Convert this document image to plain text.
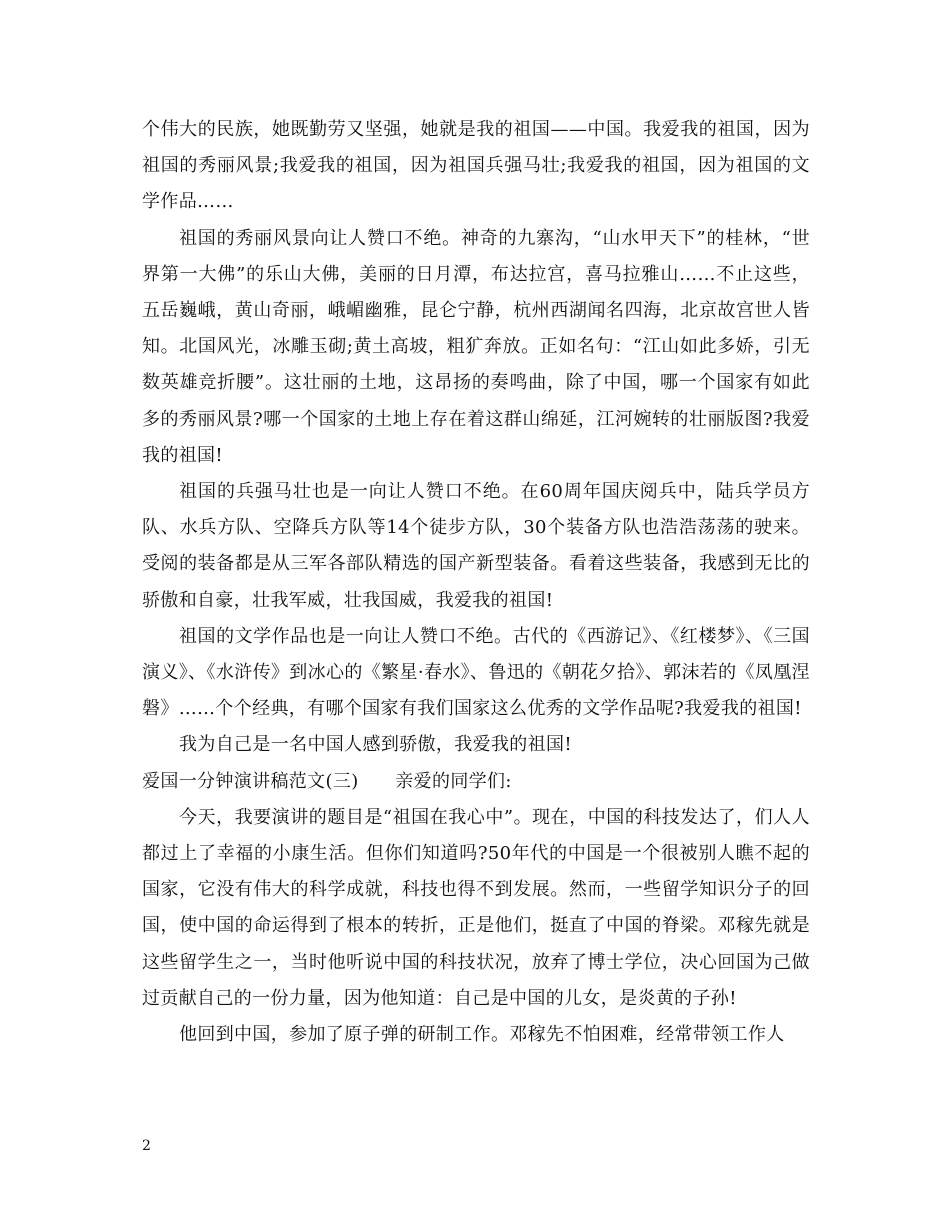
个伟大的民族，她既勤劳又坚强，她就是我的祖国——中国。我爱我的祖国，因为祖国的秀丽风景;我爱我的祖国，因为祖国兵强马壮;我爱我的祖国，因为祖国的文学作品……

祖国的秀丽风景向让人赞口不绝。神奇的九寨沟，“山水甲天下”的桂林，“世界第一大佛”的乐山大佛，美丽的日月潭，布达拉宫，喜马拉雅山……不止这些，五岳巍峨，黄山奇丽，峨嵋幽雅，昆仑宁静，杭州西湖闻名四海，北京故宫世人皆知。北国风光，冰雕玉砌;黄土高坡，粗犷奔放。正如名句：“江山如此多娇，引无数英雄竞折腰”。这壮丽的土地，这昂扬的奏鸣曲，除了中国，哪一个国家有如此多的秀丽风景?哪一个国家的土地上存在着这群山绵延，江河婉转的壮丽版图?我爱我的祖国!

祖国的兵强马壮也是一向让人赞口不绝。在60周年国庆阅兵中，陆兵学员方队、水兵方队、空降兵方队等14个徒步方队，30个装备方队也浩浩荡荡的驶来。受阅的装备都是从三军各部队精选的国产新型装备。看着这些装备，我感到无比的骄傲和自豪，壮我军威，壮我国威，我爱我的祖国!

祖国的文学作品也是一向让人赞口不绝。古代的《西游记》、《红楼梦》、《三国演义》、《水浒传》到冰心的《繁星·春水》、鲁迅的《朝花夕拾》、郭沫若的《凤凰涅磐》……个个经典，有哪个国家有我们国家这么优秀的文学作品呢?我爱我的祖国!

我为自己是一名中国人感到骄傲，我爱我的祖国!

爱国一分钟演讲稿范文(三)　　亲爱的同学们:

今天，我要演讲的题目是“祖国在我心中”。现在，中国的科技发达了，们人人都过上了幸福的小康生活。但你们知道吗?50年代的中国是一个很被别人瞧不起的国家，它没有伟大的科学成就，科技也得不到发展。然而，一些留学知识分子的回国，使中国的命运得到了根本的转折，正是他们，挺直了中国的脊梁。邓稼先就是这些留学生之一，当时他听说中国的科技状况，放弃了博士学位，决心回国为己做过贡献自己的一份力量，因为他知道：自己是中国的儿女，是炎黄的子孙!

他回到中国，参加了原子弹的研制工作。邓稼先不怕困难，经常带领工作人

2
